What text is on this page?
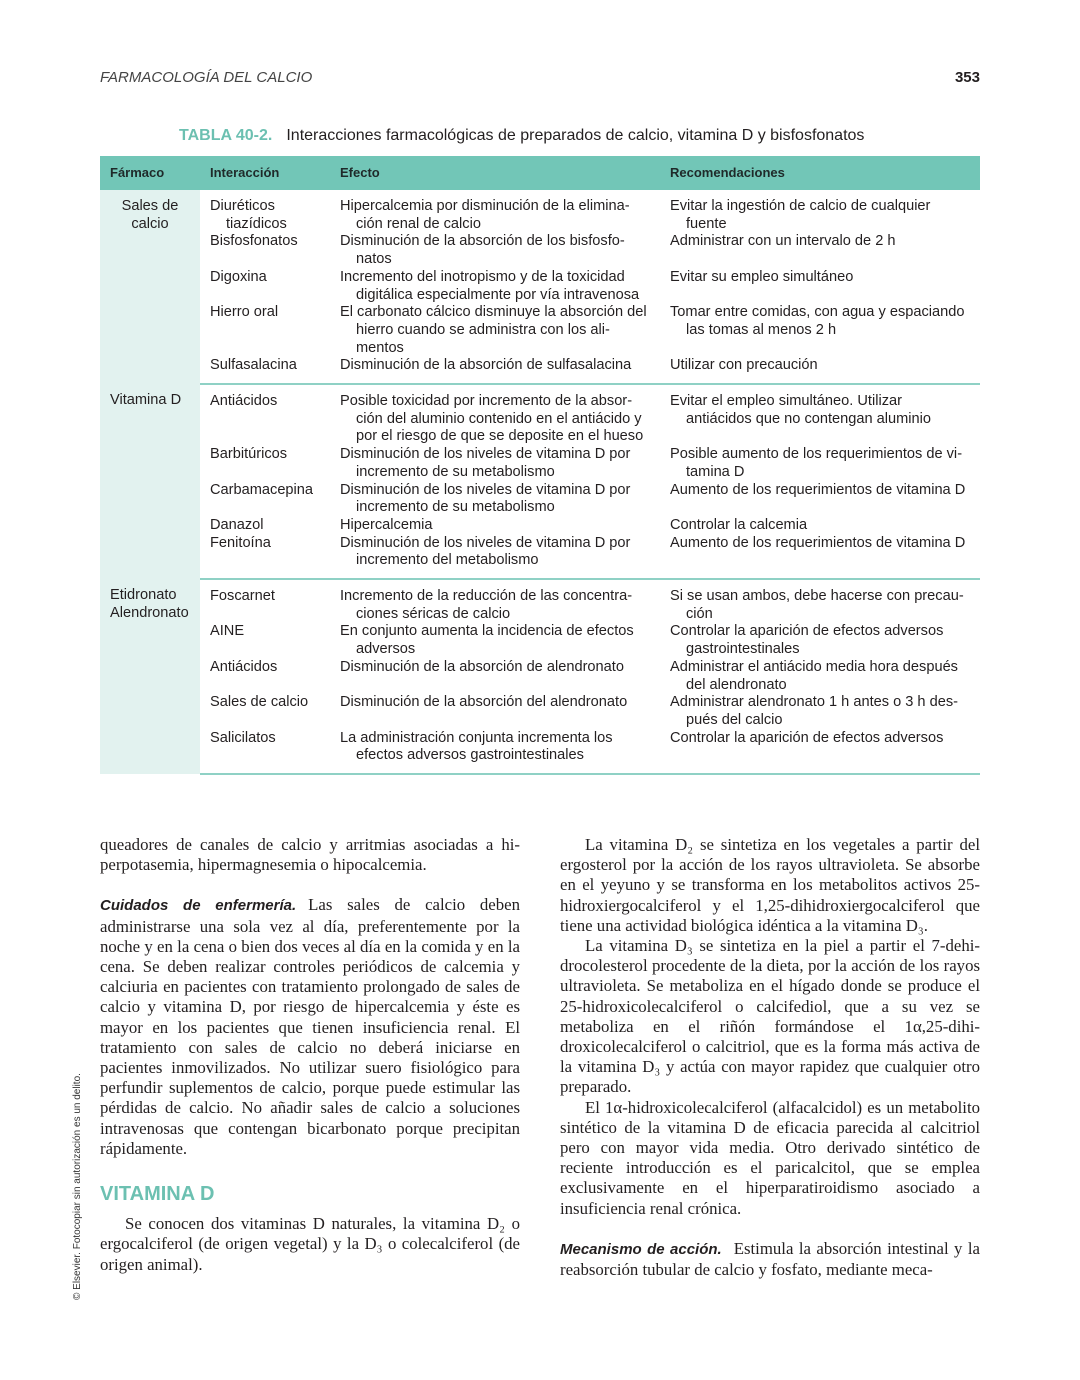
FARMACOLOGÍA DEL CALCIO	353
TABLA 40-2. Interacciones farmacológicas de preparados de calcio, vitamina D y bisfosfonatos
Fármaco	Interacción	Efecto	Recomendaciones
Sales de calcio	Diuréticos tiazídicos	Hipercalcemia por disminución de la eliminación renal de calcio	Evitar la ingestión de calcio de cualquier fuente
	Bisfosfonatos	Disminución de la absorción de los bisfosfonatos	Administrar con un intervalo de 2 h
	Digoxina	Incremento del inotropismo y de la toxicidad digitálica especialmente por vía intravenosa	Evitar su empleo simultáneo
	Hierro oral	El carbonato cálcico disminuye la absorción del hierro cuando se administra con los alimentos	Tomar entre comidas, con agua y espaciando las tomas al menos 2 h
	Sulfasalacina	Disminución de la absorción de sulfasalacina	Utilizar con precaución
Vitamina D	Antiácidos	Posible toxicidad por incremento de la absorción del aluminio contenido en el antiácido y por el riesgo de que se deposite en el hueso	Evitar el empleo simultáneo. Utilizar antiácidos que no contengan aluminio
	Barbitúricos	Disminución de los niveles de vitamina D por incremento de su metabolismo	Posible aumento de los requerimientos de vitamina D
	Carbamacepina	Disminución de los niveles de vitamina D por incremento de su metabolismo	Aumento de los requerimientos de vitamina D
	Danazol	Hipercalcemia	Controlar la calcemia
	Fenitoína	Disminución de los niveles de vitamina D por incremento del metabolismo	Aumento de los requerimientos de vitamina D
Etidronato Alendronato	Foscarnet	Incremento de la reducción de las concentraciones séricas de calcio	Si se usan ambos, debe hacerse con precaución
	AINE	En conjunto aumenta la incidencia de efectos adversos	Controlar la aparición de efectos adversos gastrointestinales
	Antiácidos	Disminución de la absorción de alendronato	Administrar el antiácido media hora después del alendronato
	Sales de calcio	Disminución de la absorción del alendronato	Administrar alendronato 1 h antes o 3 h después del calcio
	Salicilatos	La administración conjunta incrementa los efectos adversos gastrointestinales	Controlar la aparición de efectos adversos

queadores de canales de calcio y arritmias asociadas a hiperpotasemia, hipermagnesemia o hipocalcemia.

Cuidados de enfermería. Las sales de calcio deben administrarse una sola vez al día, preferentemente por la noche y en la cena o bien dos veces al día en la comida y en la cena. Se deben realizar controles periódicos de calcemia y calciuria en pacientes con tratamiento prolongado de sales de calcio y vitamina D, por riesgo de hipercalcemia y éste es mayor en los pacientes que tienen insuficiencia renal. El tratamiento con sales de calcio no deberá iniciarse en pacientes inmovilizados. No utilizar suero fisiológico para perfundir suplementos de calcio, porque puede estimular las pérdidas de calcio. No añadir sales de calcio a soluciones intravenosas que contengan bicarbonato porque precipitan rápidamente.

VITAMINA D

Se conocen dos vitaminas D naturales, la vitamina D₂ o ergocalciferol (de origen vegetal) y la D₃ o colecalciferol (de origen animal).

La vitamina D₂ se sintetiza en los vegetales a partir del ergosterol por la acción de los rayos ultravioleta. Se absorbe en el yeyuno y se transforma en los metabolitos activos 25-hidroxiergocalciferol y el 1,25-dihidroxiergocalciferol que tiene una actividad biológica idéntica a la vitamina D₃.

La vitamina D₃ se sintetiza en la piel a partir el 7-dehidrocolesterol procedente de la dieta, por la acción de los rayos ultravioleta. Se metaboliza en el hígado donde se produce el 25-hidroxicolecalciferol o calcifediol, que a su vez se metaboliza en el riñón formándose el 1α,25-dihidroxicolecalciferol o calcitriol, que es la forma más activa de la vitamina D₃ y actúa con mayor rapidez que cualquier otro preparado.

El 1α-hidroxicolecalciferol (alfacalcidol) es un metabolito sintético de la vitamina D de eficacia parecida al calcitriol pero con mayor vida media. Otro derivado sintético de reciente introducción es el paricalcitol, que se emplea exclusivamente en el hiperparatiroidismo asociado a insuficiencia renal crónica.

Mecanismo de acción. Estimula la absorción intestinal y la reabsorción tubular de calcio y fosfato, mediante meca-

© Elsevier. Fotocopiar sin autorización es un delito.
